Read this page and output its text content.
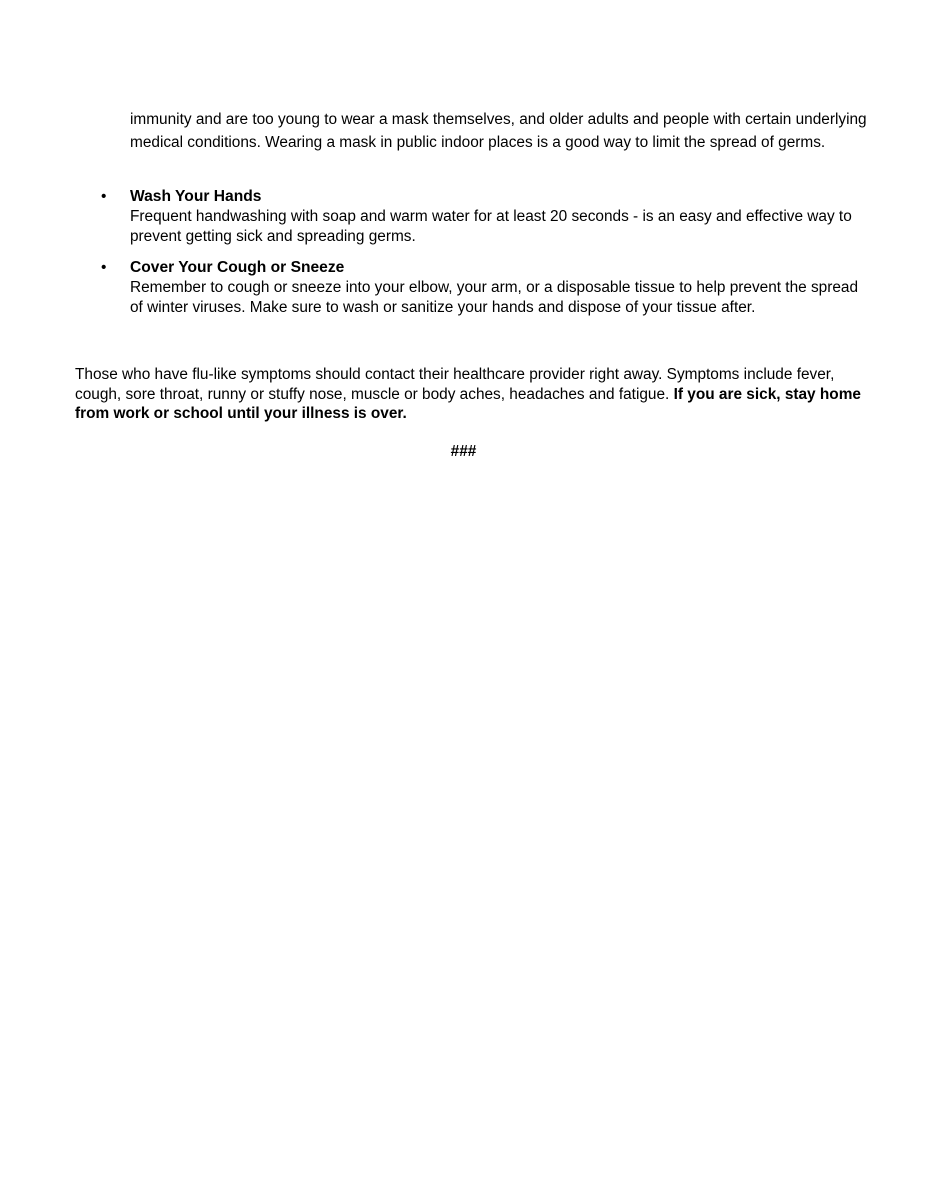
immunity and are too young to wear a mask themselves, and older adults and people with certain underlying medical conditions. Wearing a mask in public indoor places is a good way to limit the spread of germs.

• Wash Your Hands
Frequent handwashing with soap and warm water for at least 20 seconds - is an easy and effective way to prevent getting sick and spreading germs.
• Cover Your Cough or Sneeze
Remember to cough or sneeze into your elbow, your arm, or a disposable tissue to help prevent the spread of winter viruses. Make sure to wash or sanitize your hands and dispose of your tissue after.

Those who have flu-like symptoms should contact their healthcare provider right away. Symptoms include fever, cough, sore throat, runny or stuffy nose, muscle or body aches, headaches and fatigue. If you are sick, stay home from work or school until your illness is over.

###
